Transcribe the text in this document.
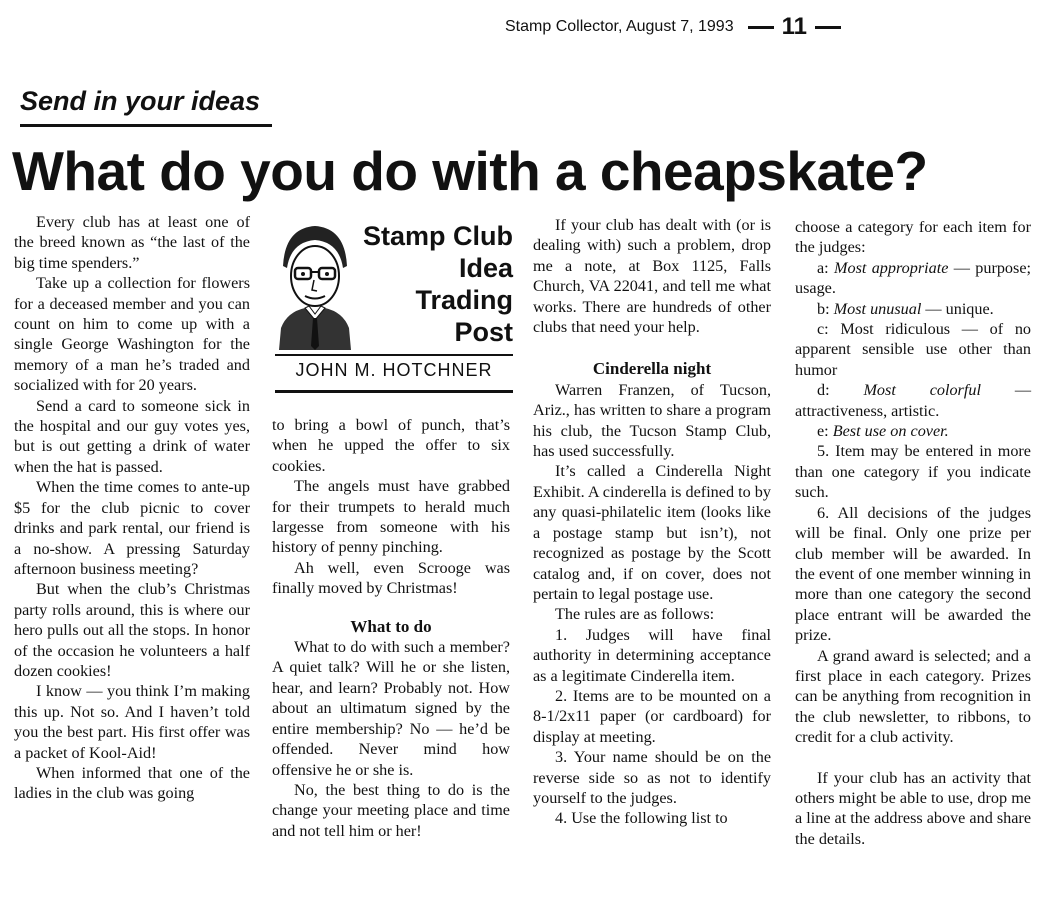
Stamp Collector, August 7, 1993 11
Send in your ideas
What do you do with a cheapskate?

Every club has at least one of the breed known as “the last of the big time spenders.”

Take up a collection for flowers for a deceased member and you can count on him to come up with a single George Washington for the memory of a man he’s traded and socialized with for 20 years.

Send a card to someone sick in the hospital and our guy votes yes, but is out getting a drink of water when the hat is passed.

When the time comes to ante-up $5 for the club picnic to cover drinks and park rental, our friend is a no-show. A pressing Saturday afternoon business meeting?

But when the club’s Christmas party rolls around, this is where our hero pulls out all the stops. In honor of the occasion he volunteers a half dozen cookies!

I know — you think I’m making this up. Not so. And I haven’t told you the best part. His first offer was a packet of Kool-Aid!

When informed that one of the ladies in the club was going

Stamp Club
Idea
Trading
Post
JOHN M. HOTCHNER

to bring a bowl of punch, that’s when he upped the offer to six cookies.

The angels must have grabbed for their trumpets to herald much largesse from someone with his history of penny pinching.

Ah well, even Scrooge was finally moved by Christmas!

What to do

What to do with such a member? A quiet talk? Will he or she listen, hear, and learn? Probably not. How about an ultimatum signed by the entire membership? No — he’d be offended. Never mind how offensive he or she is.

No, the best thing to do is the change your meeting place and time and not tell him or her!

If your club has dealt with (or is dealing with) such a problem, drop me a note, at Box 1125, Falls Church, VA 22041, and tell me what works. There are hundreds of other clubs that need your help.

Cinderella night

Warren Franzen, of Tucson, Ariz., has written to share a program his club, the Tucson Stamp Club, has used successfully.

It’s called a Cinderella Night Exhibit. A cinderella is defined to by any quasi-philatelic item (looks like a postage stamp but isn’t), not recognized as postage by the Scott catalog and, if on cover, does not pertain to legal postage use.

The rules are as follows:

1. Judges will have final authority in determining acceptance as a legitimate Cinderella item.

2. Items are to be mounted on a 8-1/2x11 paper (or cardboard) for display at meeting.

3. Your name should be on the reverse side so as not to identify yourself to the judges.

4. Use the following list to

choose a category for each item for the judges:

a: Most appropriate — purpose; usage.

b: Most unusual — unique.

c: Most ridiculous — of no apparent sensible use other than humor

d: Most colorful — attractiveness, artistic.

e: Best use on cover.

5. Item may be entered in more than one category if you indicate such.

6. All decisions of the judges will be final. Only one prize per club member will be awarded. In the event of one member winning in more than one category the second place entrant will be awarded the prize.

A grand award is selected; and a first place in each category. Prizes can be anything from recognition in the club newsletter, to ribbons, to credit for a club activity.

If your club has an activity that others might be able to use, drop me a line at the address above and share the details.
